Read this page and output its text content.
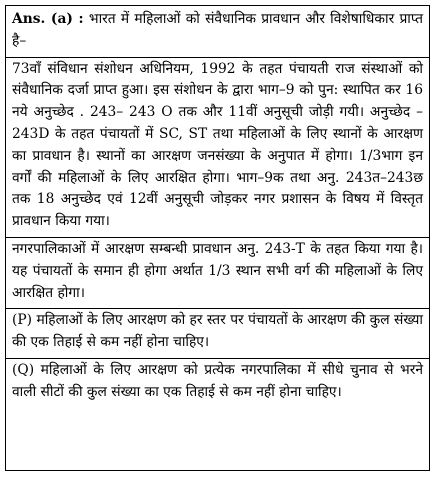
Ans. (a) : भारत में महिलाओं को संवैधानिक प्रावधान और विशेषाधिकार प्राप्त है–

73वाँ संविधान संशोधन अधिनियम, 1992 के तहत पंचायती राज संस्थाओं को संवैधानिक दर्जा प्राप्त हुआ। इस संशोधन के द्वारा भाग–9 को पुन: स्थापित कर 16 नये अनुच्छेद . 243– 243 O तक और 11वीं अनुसूची जोड़ी गयी। अनुच्छेद –243D के तहत पंचायतों में SC, ST तथा महिलाओं के लिए स्थानों के आरक्षण का प्रावधान है। स्थानों का आरक्षण जनसंख्या के अनुपात में होगा। 1/3भाग इन वर्गों की महिलाओं के लिए आरक्षित होगा। भाग–9क तथा अनु. 243त–243छ तक 18 अनुच्छेद एवं 12वीं अनुसूची जोड़कर नगर प्रशासन के विषय में विस्तृत प्रावधान किया गया।

नगरपालिकाओं में आरक्षण सम्बन्धी प्रावधान अनु. 243-T के तहत किया गया है। यह पंचायतों के समान ही होगा अर्थात 1/3 स्थान सभी वर्ग की महिलाओं के लिए आरक्षित होगा।

(P) महिलाओं के लिए आरक्षण को हर स्तर पर पंचायतों के आरक्षण की कुल संख्या की एक तिहाई से कम नहीं होना चाहिए।

(Q) महिलाओं के लिए आरक्षण को प्रत्येक नगरपालिका में सीधे चुनाव से भरने वाली सीटों की कुल संख्या का एक तिहाई से कम नहीं होना चाहिए।
